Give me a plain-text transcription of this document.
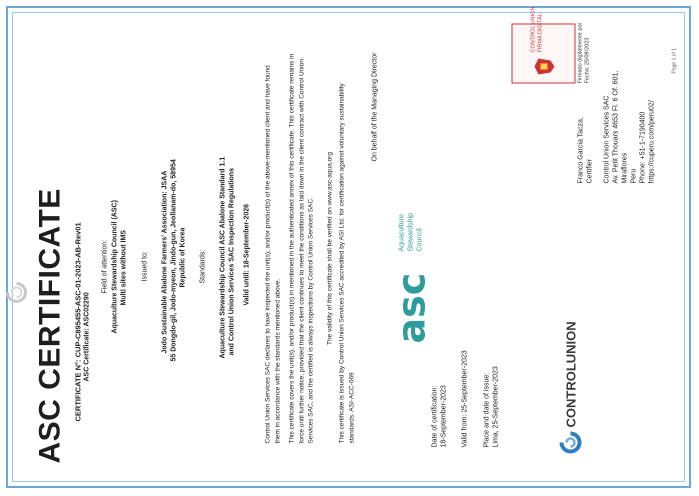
ASC CERTIFICATE CERTIFICATE N°: CUP-C895455-ASC-01-2023-AB-Rev01 ASC Certificate: ASC02290
Field of attention: Aquaculture Stewardship Council (ASC) Multi sites without IMS Issued to: Jodo Sustainable Abalone Farmers' Association: JSAA 55 Dongdo-gil, Jodo-myeon, Jindo-gun, Jeollanam-do, 58954 Republic of Korea Standards: Aquaculture Stewardship Council ASC Abalone Standard 1.1 and Control Union Services SAC Inspection Regulations Valid until: 18-September-2026 Control Union Services SAC declares to have inspected the unit(s), and/or product(s) of the above-mentioned client and have found them in accordance with the standards mentioned above. This certificate covers the unit(s), and/or product(s) in mentioned in the authenticated annex of this certificate. This certificate remains in force until further notice, provided that the client continues to meet the conditions as laid down in the client contract with Control Union Services SAC, and the certified is always inspections by Control Union Services SAC. The validity of this certificate shall be verified on www.asc-aqua.org This certificate is issued by Control Union Services SAC accredited by ASI Ltd. for certification against voluntary sustainability standards. ASI-ACC-069
asc
Aquaculture Stewardship Council
On behalf of the Managing Director
Date of certification: 18-September-2023 Valid from: 25-September-2023 Place and date of issue: Lima, 25-September-2023	CONTROLUNION
Franco Garcia Tacza, Certifier Control Union Services SAC Av. Petit Thouars 4653 Fl. 6 Of. 601, Miraflores Peru Phone: +51-1-7190400 https://cuperu.com/peru02/
CONTROL UNION FIRMA DIGITAL	Firmado digitalmente por Fecha: 25/09/2023	Page 1 of 1
